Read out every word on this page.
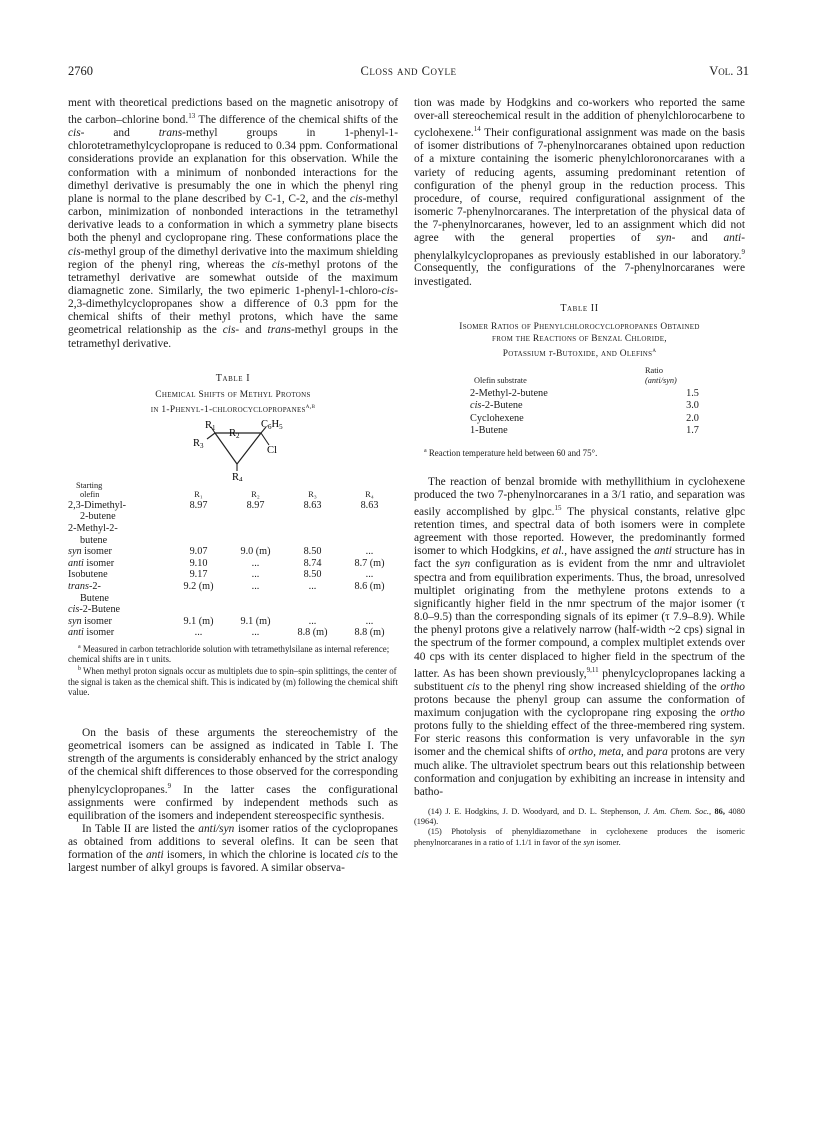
2760	Closs and Coyle	Vol. 31

ment with theoretical predictions based on the magnetic anisotropy of the carbon–chlorine bond.$^{13}$ The difference of the chemical shifts of the cis- and trans-methyl groups in 1-phenyl-1-chlorotetramethylcyclopropane is reduced to 0.34 ppm. Conformational considerations provide an explanation for this observation. While the conformation with a minimum of nonbonded interactions for the dimethyl derivative is presumably the one in which the phenyl ring plane is normal to the plane described by C-1, C-2, and the cis-methyl carbon, minimization of nonbonded interactions in the tetramethyl derivative leads to a conformation in which a symmetry plane bisects both the phenyl and cyclopropane ring. These conformations place the cis-methyl group of the dimethyl derivative into the maximum shielding region of the phenyl ring, whereas the cis-methyl protons of the tetramethyl derivative are somewhat outside of the maximum diamagnetic zone. Similarly, the two epimeric 1-phenyl-1-chloro-cis-2,3-dimethylcyclopropanes show a difference of 0.3 ppm for the chemical shifts of their methyl protons, which have the same geometrical relationship as the cis- and trans-methyl groups in the tetramethyl derivative.

Table I
Chemical Shifts of Methyl Protons
in 1-Phenyl-1-chlorocyclopropanes$^{a,b}$
R1 R2
R3
R4
C6H5
Cl
Starting
olefin	R₁	R₂	R₃	R₄
2,3-Dimethyl-	8.97	8.97	8.63	8.63
2-butene				
2-Methyl-2-				
butene				
syn isomer	9.07	9.0 (m)	8.50	...
anti isomer	9.10	...	8.74	8.7 (m)
Isobutene	9.17	...	8.50	...
trans-2-	9.2 (m)	...	...	8.6 (m)
Butene				
cis-2-Butene				
syn isomer	9.1 (m)	9.1 (m)	...	...
anti isomer	...	...	8.8 (m)	8.8 (m)
$^a$ Measured in carbon tetrachloride solution with tetramethylsilane as internal reference; chemical shifts are in τ units.
$^b$ When methyl proton signals occur as multiplets due to spin–spin splittings, the center of the signal is taken as the chemical shift. This is indicated by (m) following the chemical shift value.

On the basis of these arguments the stereochemistry of the geometrical isomers can be assigned as indicated in Table I. The strength of the arguments is considerably enhanced by the strict analogy of the chemical shift differences to those observed for the corresponding phenylcyclopropanes.$^9$ In the latter cases the configurational assignments were confirmed by independent methods such as equilibration of the isomers and independent stereospecific synthesis.

In Table II are listed the anti/syn isomer ratios of the cyclopropanes as obtained from additions to several olefins. It can be seen that formation of the anti isomers, in which the chlorine is located cis to the largest number of alkyl groups is favored. A similar observa-

tion was made by Hodgkins and co-workers who reported the same over-all stereochemical result in the addition of phenylchlorocarbene to cyclohexene.$^{14}$ Their configurational assignment was made on the basis of isomer distributions of 7-phenylnorcaranes obtained upon reduction of a mixture containing the isomeric phenylchloronorcaranes with a variety of reducing agents, assuming predominant retention of configuration of the phenyl group in the reduction process. This procedure, of course, required configurational assignment of the isomeric 7-phenylnorcaranes. The interpretation of the physical data of the 7-phenylnorcaranes, however, led to an assignment which did not agree with the general properties of syn- and anti-phenylalkylcyclopropanes as previously established in our laboratory.$^9$ Consequently, the configurations of the 7-phenylnorcaranes were investigated.

Table II
Isomer Ratios of Phenylchlorocyclopropanes Obtained
from the Reactions of Benzal Chloride,
Potassium t-Butoxide, and Olefins$^a$
Olefin substrate	Ratio
(anti/syn)

2-Methyl-2-butene	1.5
cis-2-Butene	3.0
Cyclohexene	2.0
1-Butene	1.7
$^a$ Reaction temperature held between 60 and 75°.

The reaction of benzal bromide with methyllithium in cyclohexene produced the two 7-phenylnorcaranes in a 3/1 ratio, and separation was easily accomplished by glpc.$^{15}$ The physical constants, relative glpc retention times, and spectral data of both isomers were in complete agreement with those reported. However, the predominantly formed isomer to which Hodgkins, et al., have assigned the anti structure has in fact the syn configuration as is evident from the nmr and ultraviolet spectra and from equilibration experiments. Thus, the broad, unresolved multiplet originating from the methylene protons extends to a significantly higher field in the nmr spectrum of the major isomer (τ 8.0–9.5) than the corresponding signals of its epimer (τ 7.9–8.9). While the phenyl protons give a relatively narrow (half-width ~2 cps) signal in the spectrum of the former compound, a complex multiplet extends over 40 cps with its center displaced to higher field in the spectrum of the latter. As has been shown previously,$^{9,11}$ phenylcyclopropanes lacking a substituent cis to the phenyl ring show increased shielding of the ortho protons because the phenyl group can assume the conformation of maximum conjugation with the cyclopropane ring exposing the ortho protons fully to the shielding effect of the three-membered ring system. For steric reasons this conformation is very unfavorable in the syn isomer and the chemical shifts of ortho, meta, and para protons are very much alike. The ultraviolet spectrum bears out this relationship between conformation and conjugation by exhibiting an increase in intensity and batho-

(14) J. E. Hodgkins, J. D. Woodyard, and D. L. Stephenson, J. Am. Chem. Soc., 86, 4080 (1964).

(15) Photolysis of phenyldiazomethane in cyclohexene produces the isomeric phenylnorcaranes in a ratio of 1.1/1 in favor of the syn isomer.
